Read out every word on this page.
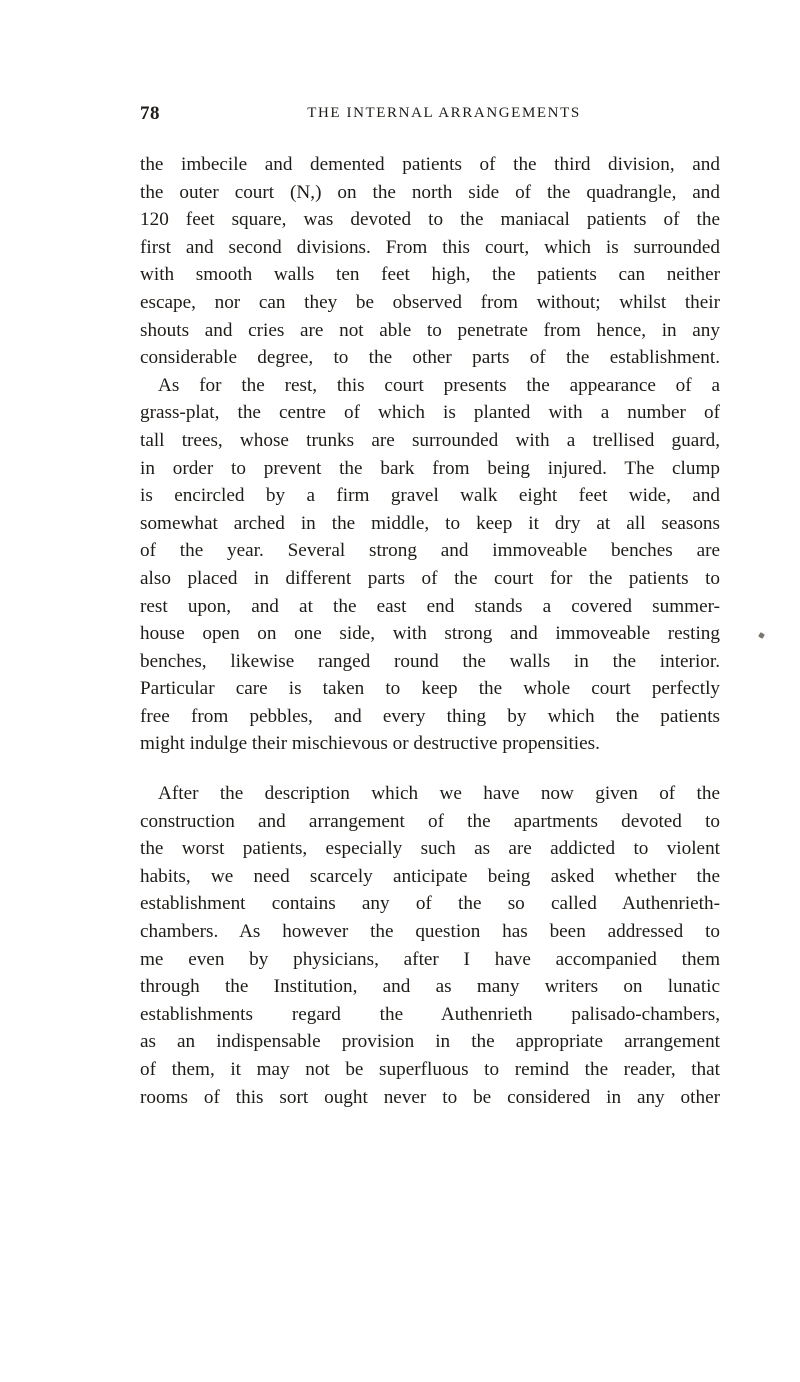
78	THE INTERNAL ARRANGEMENTS
the imbecile and demented patients of the third division, and
the outer court (N,) on the north side of the quadrangle, and
120 feet square, was devoted to the maniacal patients of the
first and second divisions. From this court, which is surrounded
with smooth walls ten feet high, the patients can neither
escape, nor can they be observed from without; whilst their
shouts and cries are not able to penetrate from hence, in any
considerable degree, to the other parts of the establishment.
As for the rest, this court presents the appearance of a
grass-plat, the centre of which is planted with a number of
tall trees, whose trunks are surrounded with a trellised guard,
in order to prevent the bark from being injured. The clump
is encircled by a firm gravel walk eight feet wide, and
somewhat arched in the middle, to keep it dry at all seasons
of the year. Several strong and immoveable benches are
also placed in different parts of the court for the patients to
rest upon, and at the east end stands a covered summer-
house open on one side, with strong and immoveable resting
benches, likewise ranged round the walls in the interior.
Particular care is taken to keep the whole court perfectly
free from pebbles, and every thing by which the patients
might indulge their mischievous or destructive propensities.
After the description which we have now given of the
construction and arrangement of the apartments devoted to
the worst patients, especially such as are addicted to violent
habits, we need scarcely anticipate being asked whether the
establishment contains any of the so called Authenrieth-
chambers. As however the question has been addressed to
me even by physicians, after I have accompanied them
through the Institution, and as many writers on lunatic
establishments regard the Authenrieth palisado-chambers,
as an indispensable provision in the appropriate arrangement
of them, it may not be superfluous to remind the reader, that
rooms of this sort ought never to be considered in any other
